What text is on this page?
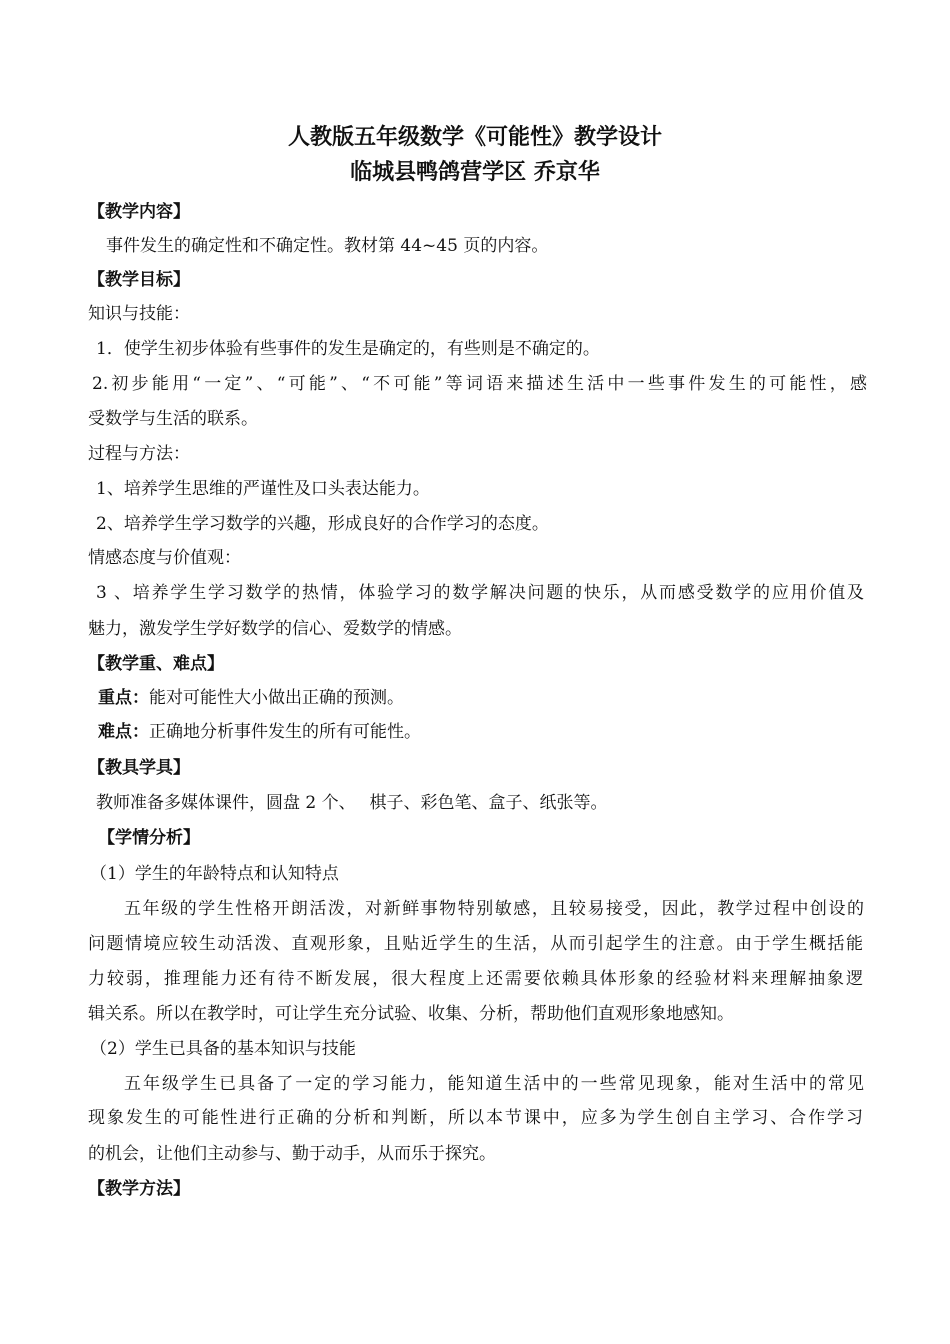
人教版五年级数学《可能性》教学设计
临城县鸭鸽营学区 乔京华
【教学内容】
事件发生的确定性和不确定性。教材第 44~45 页的内容。
【教学目标】
知识与技能：
1．使学生初步体验有些事件的发生是确定的，有些则是不确定的。
2.初步能用“一定”、“可能”、“不可能”等词语来描述生活中一些事件发生的可能性，感
受数学与生活的联系。
过程与方法：
1、培养学生思维的严谨性及口头表达能力。
2、培养学生学习数学的兴趣，形成良好的合作学习的态度。
情感态度与价值观：
3 、培养学生学习数学的热情，体验学习的数学解决问题的快乐，从而感受数学的应用价值及
魅力，激发学生学好数学的信心、爱数学的情感。
【教学重、难点】
重点：能对可能性大小做出正确的预测。
难点：正确地分析事件发生的所有可能性。
【教具学具】
教师准备多媒体课件，圆盘 2 个、　 棋子、彩色笔、盒子、纸张等。
【学情分析】
（1）学生的年龄特点和认知特点
五年级的学生性格开朗活泼，对新鲜事物特别敏感，且较易接受，因此，教学过程中创设的
问题情境应较生动活泼、直观形象，且贴近学生的生活，从而引起学生的注意。由于学生概括能
力较弱，推理能力还有待不断发展，很大程度上还需要依赖具体形象的经验材料来理解抽象逻
辑关系。所以在教学时，可让学生充分试验、收集、分析，帮助他们直观形象地感知。
（2）学生已具备的基本知识与技能
五年级学生已具备了一定的学习能力，能知道生活中的一些常见现象，能对生活中的常见
现象发生的可能性进行正确的分析和判断，所以本节课中，应多为学生创自主学习、合作学习
的机会，让他们主动参与、勤于动手，从而乐于探究。
【教学方法】
